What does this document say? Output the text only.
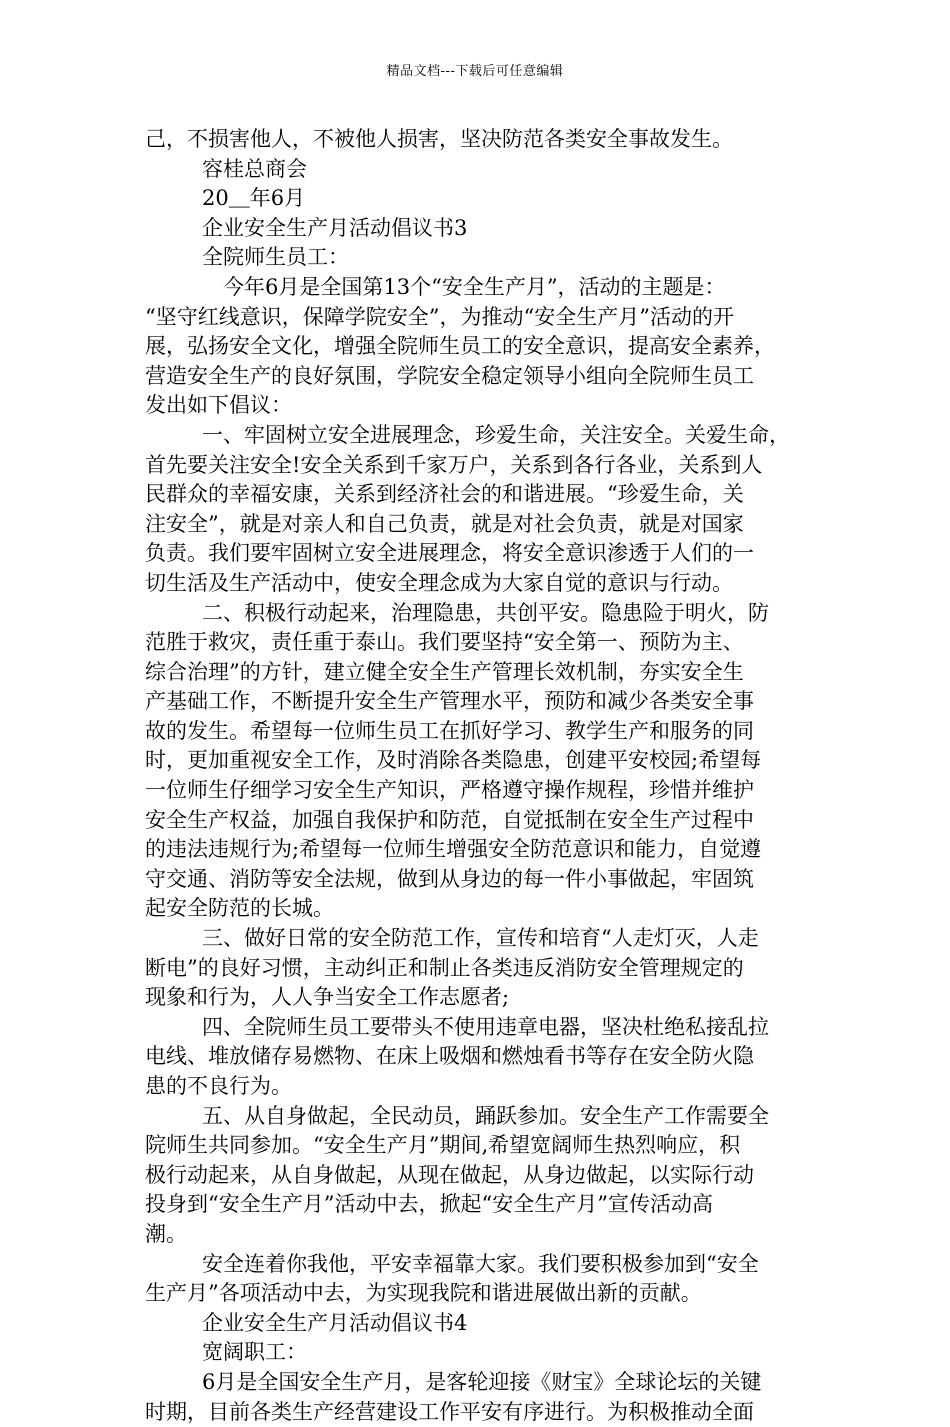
精品文档---下载后可任意编辑
己，不损害他人，不被他人损害，坚决防范各类安全事故发生。
容桂总商会
20＿年6月
企业安全生产月活动倡议书3
全院师生员工：
　今年6月是全国第13个“安全生产月”，活动的主题是：
“坚守红线意识，保障学院安全”，为推动“安全生产月”活动的开
展，弘扬安全文化，增强全院师生员工的安全意识，提高安全素养，
营造安全生产的良好氛围，学院安全稳定领导小组向全院师生员工
发出如下倡议：
一、牢固树立安全进展理念，珍爱生命，关注安全。关爱生命，
首先要关注安全!安全关系到千家万户，关系到各行各业，关系到人
民群众的幸福安康，关系到经济社会的和谐进展。“珍爱生命，关
注安全”，就是对亲人和自己负责，就是对社会负责，就是对国家
负责。我们要牢固树立安全进展理念，将安全意识渗透于人们的一
切生活及生产活动中，使安全理念成为大家自觉的意识与行动。
二、积极行动起来，治理隐患，共创平安。隐患险于明火，防
范胜于救灾，责任重于泰山。我们要坚持“安全第一、预防为主、
综合治理”的方针，建立健全安全生产管理长效机制，夯实安全生
产基础工作，不断提升安全生产管理水平，预防和减少各类安全事
故的发生。希望每一位师生员工在抓好学习、教学生产和服务的同
时，更加重视安全工作，及时消除各类隐患，创建平安校园;希望每
一位师生仔细学习安全生产知识，严格遵守操作规程，珍惜并维护
安全生产权益，加强自我保护和防范，自觉抵制在安全生产过程中
的违法违规行为;希望每一位师生增强安全防范意识和能力，自觉遵
守交通、消防等安全法规，做到从身边的每一件小事做起，牢固筑
起安全防范的长城。
三、做好日常的安全防范工作，宣传和培育“人走灯灭，人走
断电”的良好习惯，主动纠正和制止各类违反消防安全管理规定的
现象和行为，人人争当安全工作志愿者;
四、全院师生员工要带头不使用违章电器，坚决杜绝私接乱拉
电线、堆放储存易燃物、在床上吸烟和燃烛看书等存在安全防火隐
患的不良行为。
五、从自身做起，全民动员，踊跃参加。安全生产工作需要全
院师生共同参加。“安全生产月”期间,希望宽阔师生热烈响应，积
极行动起来，从自身做起，从现在做起，从身边做起，以实际行动
投身到“安全生产月”活动中去，掀起“安全生产月”宣传活动高
潮。
安全连着你我他，平安幸福靠大家。我们要积极参加到“安全
生产月”各项活动中去，为实现我院和谐进展做出新的贡献。
企业安全生产月活动倡议书4
宽阔职工：
6月是全国安全生产月，是客轮迎接《财宝》全球论坛的关键
时期，目前各类生产经营建设工作平安有序进行。为积极推动全面
